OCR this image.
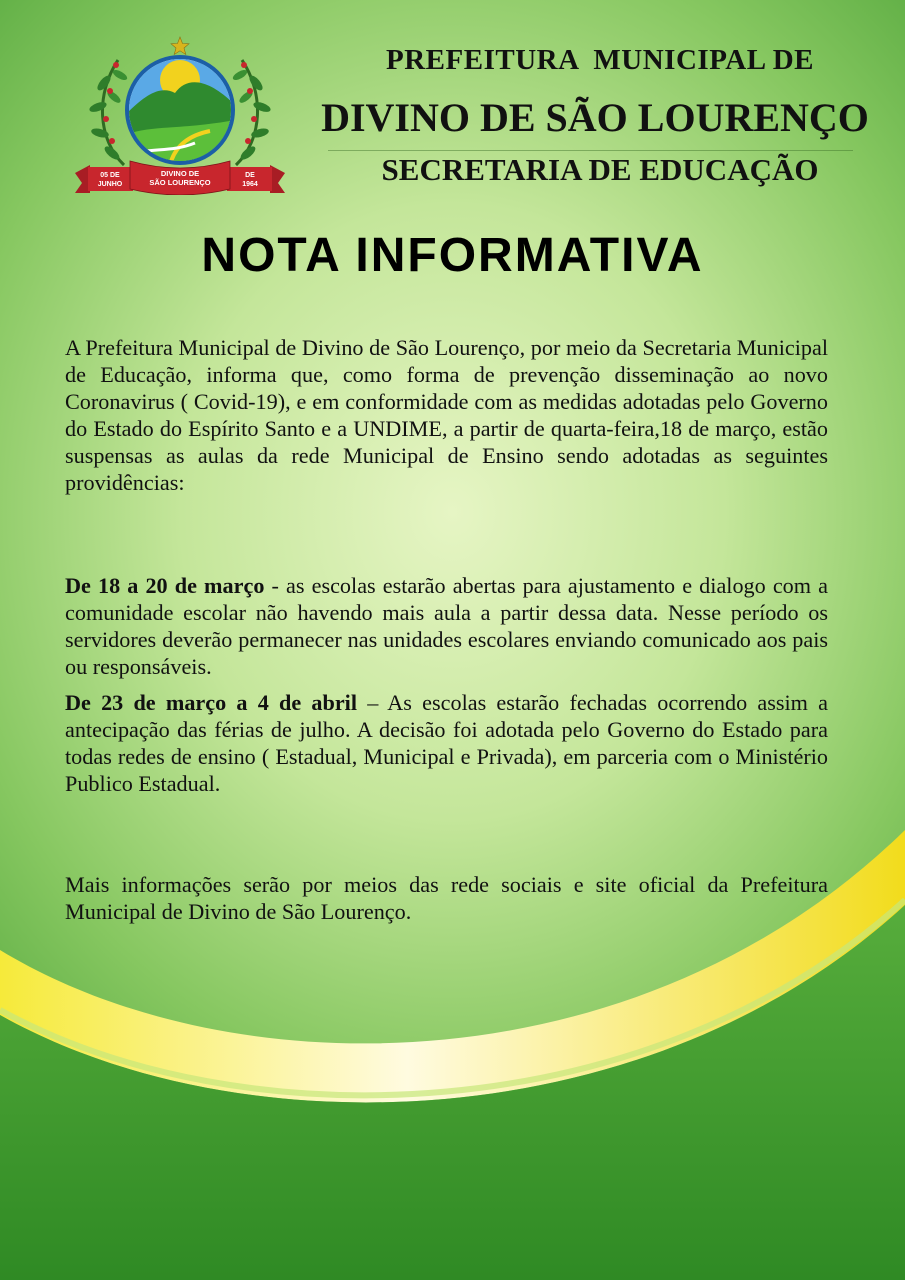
DIVINO DE
SÃO LOURENÇO
05 DE
JUNHO
DE
1964

PREFEITURA  MUNICIPAL DE

DIVINO DE SÃO LOURENÇO

SECRETARIA DE EDUCAÇÃO

NOTA INFORMATIVA

A Prefeitura Municipal de Divino de São Lourenço, por meio da Secretaria Municipal de Educação, informa que, como forma de prevenção disseminação ao novo Coronavirus ( Covid-19), e em conformidade com as medidas adotadas pelo Governo do Estado do Espírito Santo e a UNDIME, a partir de quarta-feira,18 de março, estão suspensas as aulas da rede Municipal de Ensino sendo adotadas as seguintes providências:

De 18 a 20 de março - as escolas estarão abertas para ajustamento e dialogo com a comunidade escolar não havendo mais aula a partir dessa data. Nesse período os servidores deverão permanecer nas unidades escolares enviando comunicado aos pais ou responsáveis.

De 23 de março a 4 de abril – As escolas estarão fechadas ocorrendo assim a antecipação das férias de julho. A decisão foi adotada pelo Governo do Estado para todas redes de ensino ( Estadual, Municipal e Privada), em parceria com o Ministério Publico Estadual.

Mais informações serão por meios das rede sociais e site oficial da Prefeitura Municipal de Divino de São Lourenço.
